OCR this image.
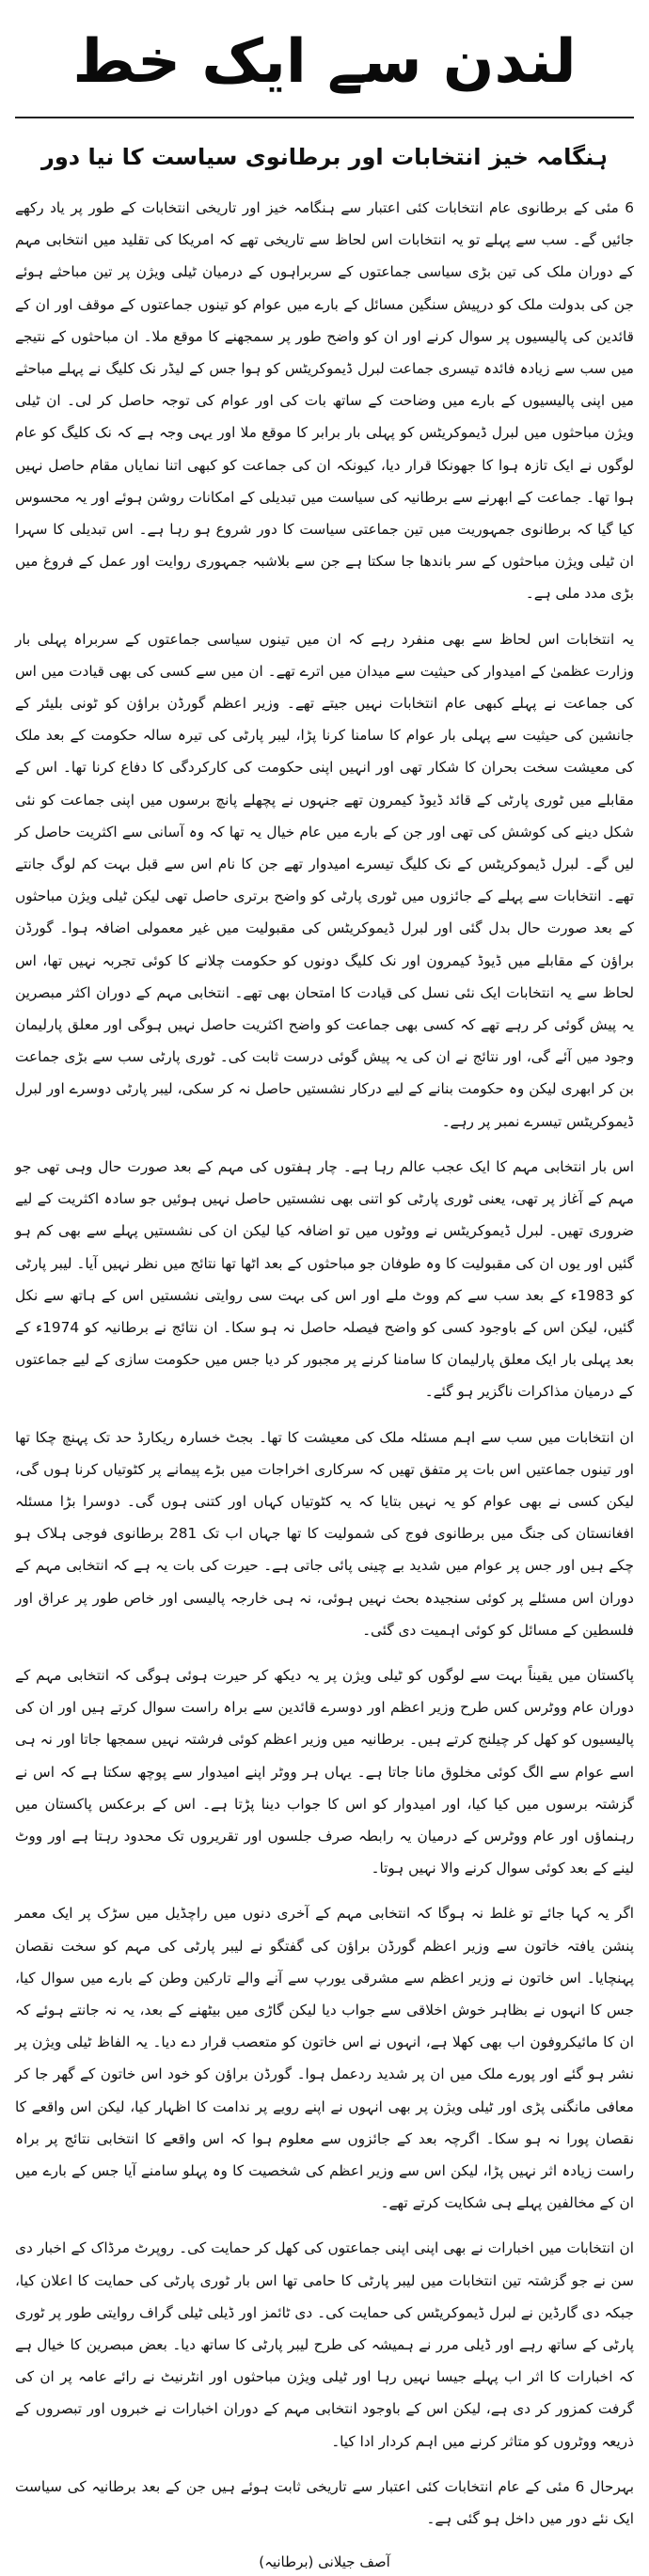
لندن سے ایک خط
ہنگامہ خیز انتخابات اور برطانوی سیاست کا نیا دور

6 مئی کے برطانوی عام انتخابات کئی اعتبار سے ہنگامہ خیز اور تاریخی انتخابات کے طور پر یاد رکھے جائیں گے۔ سب سے پہلے تو یہ انتخابات اس لحاظ سے تاریخی تھے کہ امریکا کی تقلید میں انتخابی مہم کے دوران ملک کی تین بڑی سیاسی جماعتوں کے سربراہوں کے درمیان ٹیلی ویژن پر تین مباحثے ہوئے جن کی بدولت ملک کو درپیش سنگین مسائل کے بارے میں عوام کو تینوں جماعتوں کے موقف اور ان کے قائدین کی پالیسیوں پر سوال کرنے اور ان کو واضح طور پر سمجھنے کا موقع ملا۔ ان مباحثوں کے نتیجے میں سب سے زیادہ فائدہ تیسری جماعت لبرل ڈیموکریٹس کو ہوا جس کے لیڈر نک کلیگ نے پہلے مباحثے میں اپنی پالیسیوں کے بارے میں وضاحت کے ساتھ بات کی اور عوام کی توجہ حاصل کر لی۔ ان ٹیلی ویژن مباحثوں میں لبرل ڈیموکریٹس کو پہلی بار برابر کا موقع ملا اور یہی وجہ ہے کہ نک کلیگ کو عام لوگوں نے ایک تازہ ہوا کا جھونکا قرار دیا، کیونکہ ان کی جماعت کو کبھی اتنا نمایاں مقام حاصل نہیں ہوا تھا۔ جماعت کے ابھرنے سے برطانیہ کی سیاست میں تبدیلی کے امکانات روشن ہوئے اور یہ محسوس کیا گیا کہ برطانوی جمہوریت میں تین جماعتی سیاست کا دور شروع ہو رہا ہے۔ اس تبدیلی کا سہرا ان ٹیلی ویژن مباحثوں کے سر باندھا جا سکتا ہے جن سے بلاشبہ جمہوری روایت اور عمل کے فروغ میں بڑی مدد ملی ہے۔

یہ انتخابات اس لحاظ سے بھی منفرد رہے کہ ان میں تینوں سیاسی جماعتوں کے سربراہ پہلی بار وزارت عظمیٰ کے امیدوار کی حیثیت سے میدان میں اترے تھے۔ ان میں سے کسی کی بھی قیادت میں اس کی جماعت نے پہلے کبھی عام انتخابات نہیں جیتے تھے۔ وزیر اعظم گورڈن براؤن کو ٹونی بلیئر کے جانشین کی حیثیت سے پہلی بار عوام کا سامنا کرنا پڑا، لیبر پارٹی کی تیرہ سالہ حکومت کے بعد ملک کی معیشت سخت بحران کا شکار تھی اور انہیں اپنی حکومت کی کارکردگی کا دفاع کرنا تھا۔ اس کے مقابلے میں ٹوری پارٹی کے قائد ڈیوڈ کیمرون تھے جنہوں نے پچھلے پانچ برسوں میں اپنی جماعت کو نئی شکل دینے کی کوشش کی تھی اور جن کے بارے میں عام خیال یہ تھا کہ وہ آسانی سے اکثریت حاصل کر لیں گے۔ لبرل ڈیموکریٹس کے نک کلیگ تیسرے امیدوار تھے جن کا نام اس سے قبل بہت کم لوگ جانتے تھے۔ انتخابات سے پہلے کے جائزوں میں ٹوری پارٹی کو واضح برتری حاصل تھی لیکن ٹیلی ویژن مباحثوں کے بعد صورت حال بدل گئی اور لبرل ڈیموکریٹس کی مقبولیت میں غیر معمولی اضافہ ہوا۔ گورڈن براؤن کے مقابلے میں ڈیوڈ کیمرون اور نک کلیگ دونوں کو حکومت چلانے کا کوئی تجربہ نہیں تھا، اس لحاظ سے یہ انتخابات ایک نئی نسل کی قیادت کا امتحان بھی تھے۔ انتخابی مہم کے دوران اکثر مبصرین یہ پیش گوئی کر رہے تھے کہ کسی بھی جماعت کو واضح اکثریت حاصل نہیں ہوگی اور معلق پارلیمان وجود میں آئے گی، اور نتائج نے ان کی یہ پیش گوئی درست ثابت کی۔ ٹوری پارٹی سب سے بڑی جماعت بن کر ابھری لیکن وہ حکومت بنانے کے لیے درکار نشستیں حاصل نہ کر سکی، لیبر پارٹی دوسرے اور لبرل ڈیموکریٹس تیسرے نمبر پر رہے۔

اس بار انتخابی مہم کا ایک عجب عالم رہا ہے۔ چار ہفتوں کی مہم کے بعد صورت حال وہی تھی جو مہم کے آغاز پر تھی، یعنی ٹوری پارٹی کو اتنی بھی نشستیں حاصل نہیں ہوئیں جو سادہ اکثریت کے لیے ضروری تھیں۔ لبرل ڈیموکریٹس نے ووٹوں میں تو اضافہ کیا لیکن ان کی نشستیں پہلے سے بھی کم ہو گئیں اور یوں ان کی مقبولیت کا وہ طوفان جو مباحثوں کے بعد اٹھا تھا نتائج میں نظر نہیں آیا۔ لیبر پارٹی کو 1983ء کے بعد سب سے کم ووٹ ملے اور اس کی بہت سی روایتی نشستیں اس کے ہاتھ سے نکل گئیں، لیکن اس کے باوجود کسی کو واضح فیصلہ حاصل نہ ہو سکا۔ ان نتائج نے برطانیہ کو 1974ء کے بعد پہلی بار ایک معلق پارلیمان کا سامنا کرنے پر مجبور کر دیا جس میں حکومت سازی کے لیے جماعتوں کے درمیان مذاکرات ناگزیر ہو گئے۔

ان انتخابات میں سب سے اہم مسئلہ ملک کی معیشت کا تھا۔ بجٹ خسارہ ریکارڈ حد تک پہنچ چکا تھا اور تینوں جماعتیں اس بات پر متفق تھیں کہ سرکاری اخراجات میں بڑے پیمانے پر کٹوتیاں کرنا ہوں گی، لیکن کسی نے بھی عوام کو یہ نہیں بتایا کہ یہ کٹوتیاں کہاں اور کتنی ہوں گی۔ دوسرا بڑا مسئلہ افغانستان کی جنگ میں برطانوی فوج کی شمولیت کا تھا جہاں اب تک 281 برطانوی فوجی ہلاک ہو چکے ہیں اور جس پر عوام میں شدید بے چینی پائی جاتی ہے۔ حیرت کی بات یہ ہے کہ انتخابی مہم کے دوران اس مسئلے پر کوئی سنجیدہ بحث نہیں ہوئی، نہ ہی خارجہ پالیسی اور خاص طور پر عراق اور فلسطین کے مسائل کو کوئی اہمیت دی گئی۔

پاکستان میں یقیناً بہت سے لوگوں کو ٹیلی ویژن پر یہ دیکھ کر حیرت ہوئی ہوگی کہ انتخابی مہم کے دوران عام ووٹرس کس طرح وزیر اعظم اور دوسرے قائدین سے براہ راست سوال کرتے ہیں اور ان کی پالیسیوں کو کھل کر چیلنج کرتے ہیں۔ برطانیہ میں وزیر اعظم کوئی فرشتہ نہیں سمجھا جاتا اور نہ ہی اسے عوام سے الگ کوئی مخلوق مانا جاتا ہے۔ یہاں ہر ووٹر اپنے امیدوار سے پوچھ سکتا ہے کہ اس نے گزشتہ برسوں میں کیا کیا، اور امیدوار کو اس کا جواب دینا پڑتا ہے۔ اس کے برعکس پاکستان میں رہنماؤں اور عام ووٹرس کے درمیان یہ رابطہ صرف جلسوں اور تقریروں تک محدود رہتا ہے اور ووٹ لینے کے بعد کوئی سوال کرنے والا نہیں ہوتا۔

اگر یہ کہا جائے تو غلط نہ ہوگا کہ انتخابی مہم کے آخری دنوں میں راچڈیل میں سڑک پر ایک معمر پنشن یافتہ خاتون سے وزیر اعظم گورڈن براؤن کی گفتگو نے لیبر پارٹی کی مہم کو سخت نقصان پہنچایا۔ اس خاتون نے وزیر اعظم سے مشرقی یورپ سے آنے والے تارکین وطن کے بارے میں سوال کیا، جس کا انہوں نے بظاہر خوش اخلاقی سے جواب دیا لیکن گاڑی میں بیٹھنے کے بعد، یہ نہ جانتے ہوئے کہ ان کا مائیکروفون اب بھی کھلا ہے، انہوں نے اس خاتون کو متعصب قرار دے دیا۔ یہ الفاظ ٹیلی ویژن پر نشر ہو گئے اور پورے ملک میں ان پر شدید ردعمل ہوا۔ گورڈن براؤن کو خود اس خاتون کے گھر جا کر معافی مانگنی پڑی اور ٹیلی ویژن پر بھی انہوں نے اپنے رویے پر ندامت کا اظہار کیا، لیکن اس واقعے کا نقصان پورا نہ ہو سکا۔ اگرچہ بعد کے جائزوں سے معلوم ہوا کہ اس واقعے کا انتخابی نتائج پر براہ راست زیادہ اثر نہیں پڑا، لیکن اس سے وزیر اعظم کی شخصیت کا وہ پہلو سامنے آیا جس کے بارے میں ان کے مخالفین پہلے ہی شکایت کرتے تھے۔

ان انتخابات میں اخبارات نے بھی اپنی اپنی جماعتوں کی کھل کر حمایت کی۔ روپرٹ مرڈاک کے اخبار دی سن نے جو گزشتہ تین انتخابات میں لیبر پارٹی کا حامی تھا اس بار ٹوری پارٹی کی حمایت کا اعلان کیا، جبکہ دی گارڈین نے لبرل ڈیموکریٹس کی حمایت کی۔ دی ٹائمز اور ڈیلی ٹیلی گراف روایتی طور پر ٹوری پارٹی کے ساتھ رہے اور ڈیلی مرر نے ہمیشہ کی طرح لیبر پارٹی کا ساتھ دیا۔ بعض مبصرین کا خیال ہے کہ اخبارات کا اثر اب پہلے جیسا نہیں رہا اور ٹیلی ویژن مباحثوں اور انٹرنیٹ نے رائے عامہ پر ان کی گرفت کمزور کر دی ہے، لیکن اس کے باوجود انتخابی مہم کے دوران اخبارات نے خبروں اور تبصروں کے ذریعہ ووٹروں کو متاثر کرنے میں اہم کردار ادا کیا۔

بہرحال 6 مئی کے عام انتخابات کئی اعتبار سے تاریخی ثابت ہوئے ہیں جن کے بعد برطانیہ کی سیاست ایک نئے دور میں داخل ہو گئی ہے۔

آصف جیلانی (برطانیہ)
